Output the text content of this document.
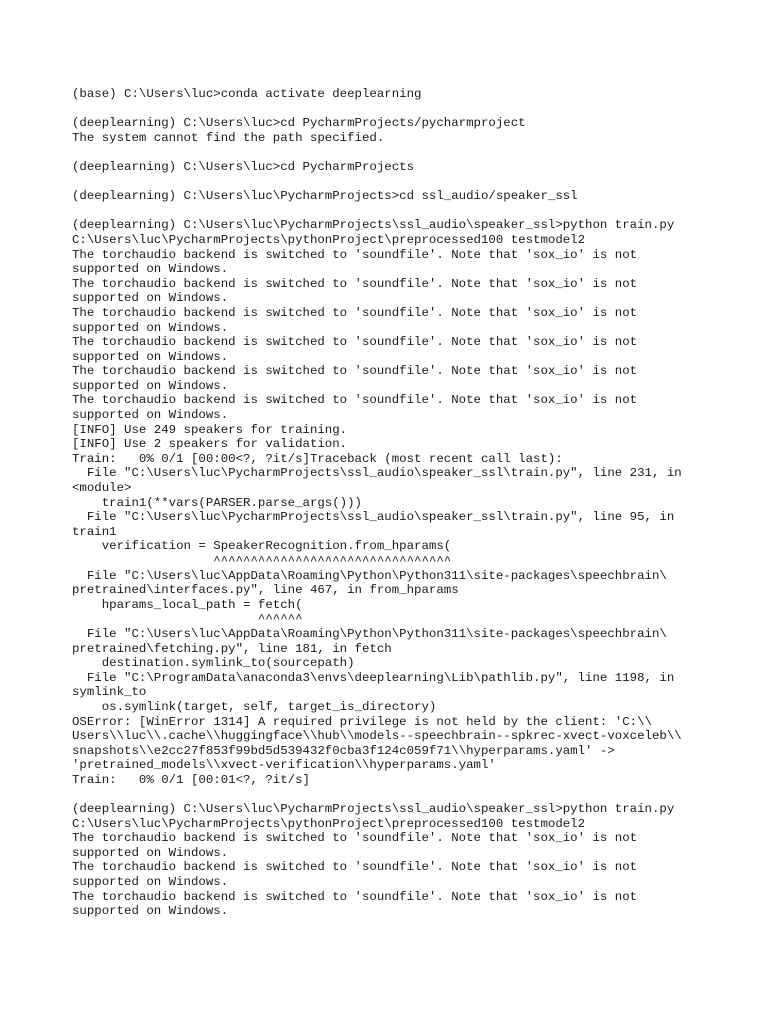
(base) C:\Users\luc>conda activate deeplearning
(deeplearning) C:\Users\luc>cd PycharmProjects/pycharmproject
The system cannot find the path specified.
(deeplearning) C:\Users\luc>cd PycharmProjects
(deeplearning) C:\Users\luc\PycharmProjects>cd ssl_audio/speaker_ssl
(deeplearning) C:\Users\luc\PycharmProjects\ssl_audio\speaker_ssl>python train.py
C:\Users\luc\PycharmProjects\pythonProject\preprocessed100 testmodel2
The torchaudio backend is switched to 'soundfile'. Note that 'sox_io' is not
supported on Windows.
The torchaudio backend is switched to 'soundfile'. Note that 'sox_io' is not
supported on Windows.
The torchaudio backend is switched to 'soundfile'. Note that 'sox_io' is not
supported on Windows.
The torchaudio backend is switched to 'soundfile'. Note that 'sox_io' is not
supported on Windows.
The torchaudio backend is switched to 'soundfile'. Note that 'sox_io' is not
supported on Windows.
The torchaudio backend is switched to 'soundfile'. Note that 'sox_io' is not
supported on Windows.
[INFO] Use 249 speakers for training.
[INFO] Use 2 speakers for validation.
Train:   0% 0/1 [00:00<?, ?it/s]Traceback (most recent call last):
File "C:\Users\luc\PycharmProjects\ssl_audio\speaker_ssl\train.py", line 231, in
<module>
train1(**vars(PARSER.parse_args()))
File "C:\Users\luc\PycharmProjects\ssl_audio\speaker_ssl\train.py", line 95, in
train1
verification = SpeakerRecognition.from_hparams(
^^^^^^^^^^^^^^^^^^^^^^^^^^^^^^^^
File "C:\Users\luc\AppData\Roaming\Python\Python311\site-packages\speechbrain\
pretrained\interfaces.py", line 467, in from_hparams
hparams_local_path = fetch(
^^^^^^
File "C:\Users\luc\AppData\Roaming\Python\Python311\site-packages\speechbrain\
pretrained\fetching.py", line 181, in fetch
destination.symlink_to(sourcepath)
File "C:\ProgramData\anaconda3\envs\deeplearning\Lib\pathlib.py", line 1198, in
symlink_to
os.symlink(target, self, target_is_directory)
OSError: [WinError 1314] A required privilege is not held by the client: 'C:\\
Users\\luc\\.cache\\huggingface\\hub\\models--speechbrain--spkrec-xvect-voxceleb\\
snapshots\\e2cc27f853f99bd5d539432f0cba3f124c059f71\\hyperparams.yaml' ->
'pretrained_models\\xvect-verification\\hyperparams.yaml'
Train:   0% 0/1 [00:01<?, ?it/s]
(deeplearning) C:\Users\luc\PycharmProjects\ssl_audio\speaker_ssl>python train.py
C:\Users\luc\PycharmProjects\pythonProject\preprocessed100 testmodel2
The torchaudio backend is switched to 'soundfile'. Note that 'sox_io' is not
supported on Windows.
The torchaudio backend is switched to 'soundfile'. Note that 'sox_io' is not
supported on Windows.
The torchaudio backend is switched to 'soundfile'. Note that 'sox_io' is not
supported on Windows.
